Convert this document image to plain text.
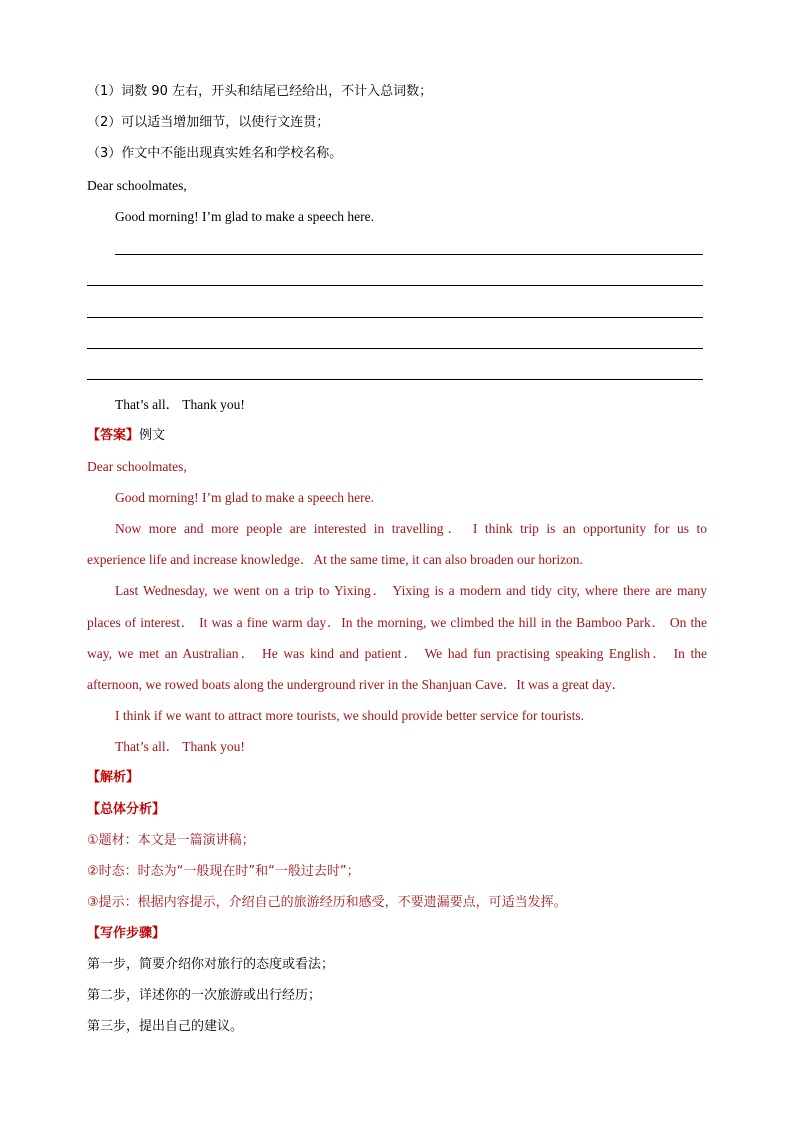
（1）词数 90 左右，开头和结尾已经给出，不计入总词数；
（2）可以适当增加细节，以使行文连贯；
（3）作文中不能出现真实姓名和学校名称。
Dear schoolmates,
Good morning! I’m glad to make a speech here.
That’s all． Thank you!
【答案】例文
Dear schoolmates,
Good morning! I’m glad to make a speech here.
Now more and more people are interested in travelling． I think trip is an opportunity for us to
experience life and increase knowledge．At the same time, it can also broaden our horizon.
Last Wednesday, we went on a trip to Yixing． Yixing is a modern and tidy city, where there are many
places of interest． It was a fine warm day．In the morning, we climbed the hill in the Bamboo Park． On the
way, we met an Australian． He was kind and patient． We had fun practising speaking English． In the
afternoon, we rowed boats along the underground river in the Shanjuan Cave．It was a great day．
I think if we want to attract more tourists, we should provide better service for tourists.
That’s all． Thank you!
【解析】
【总体分析】
①题材：本文是一篇演讲稿；
②时态：时态为“一般现在时”和“一般过去时”；
③提示：根据内容提示，介绍自己的旅游经历和感受，不要遗漏要点，可适当发挥。
【写作步骤】
第一步，简要介绍你对旅行的态度或看法；
第二步，详述你的一次旅游或出行经历；
第三步，提出自己的建议。
